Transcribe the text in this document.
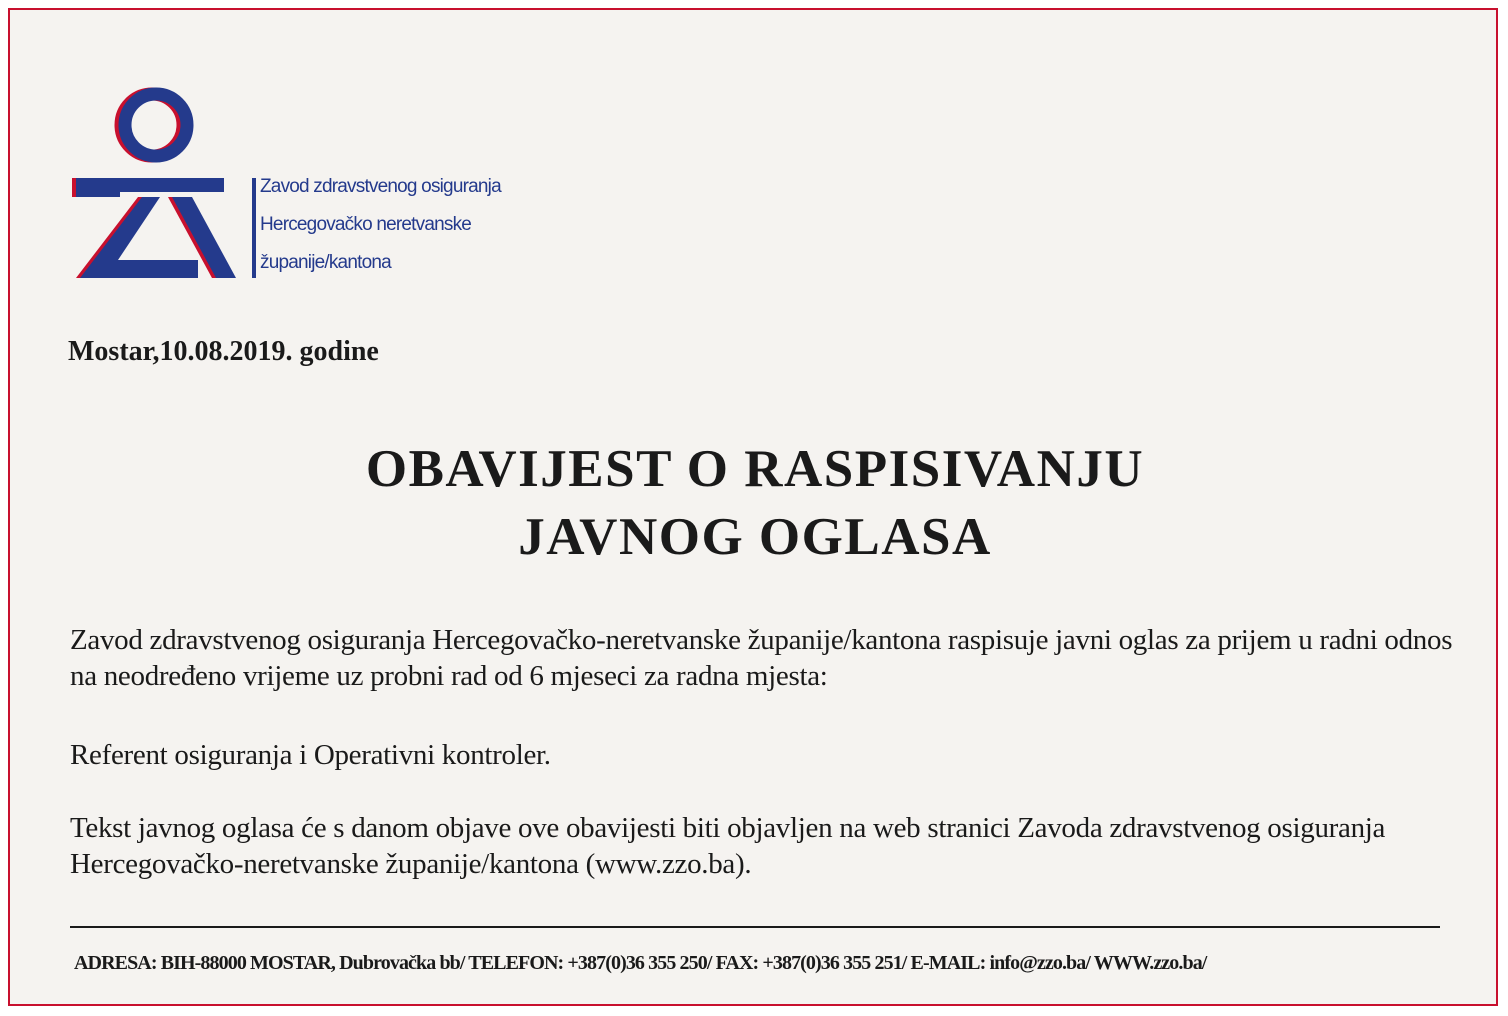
Zavod zdravstvenog osiguranja
Hercegovačko neretvanske
županije/kantona
Mostar,10.08.2019. godine
OBAVIJEST O RASPISIVANJU
JAVNOG OGLASA
Zavod zdravstvenog osiguranja Hercegovačko-neretvanske županije/kantona raspisuje javni oglas za prijem u radni odnos na neodređeno vrijeme uz probni rad od 6 mjeseci za radna mjesta:
Referent osiguranja i Operativni kontroler.
Tekst javnog oglasa će s danom objave ove obavijesti biti objavljen na web stranici Zavoda zdravstvenog osiguranja Hercegovačko-neretvanske županije/kantona (www.zzo.ba).
ADRESA: BIH-88000 MOSTAR, Dubrovačka bb/ TELEFON: +387(0)36 355 250/ FAX: +387(0)36 355 251/ E-MAIL: info@zzo.ba/ WWW.zzo.ba/
